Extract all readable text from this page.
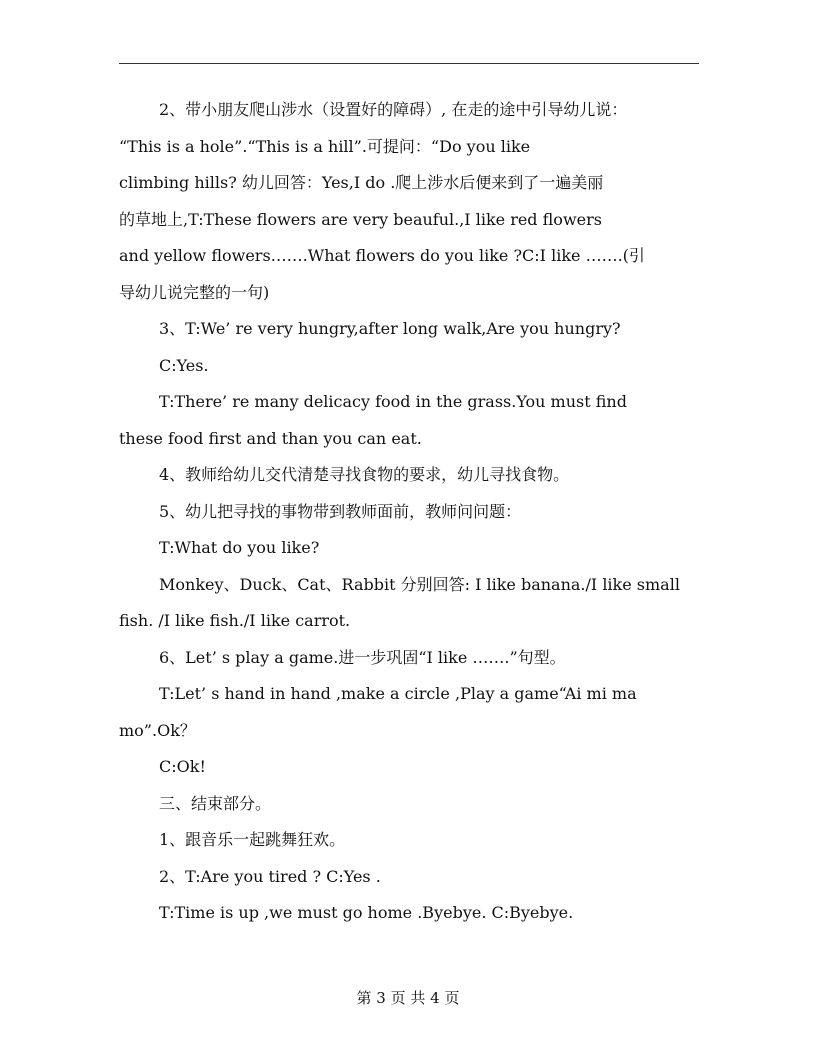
2、带小朋友爬山涉水（设置好的障碍）, 在走的途中引导幼儿说：
“This is a hole”.“This is a hill”.可提问：“Do you like
climbing hills? 幼儿回答：Yes,I do .爬上涉水后便来到了一遍美丽
的草地上,T:These flowers are very beauful.,I like red flowers
and yellow flowers…….What flowers do you like ?C:I like …….(引
导幼儿说完整的一句)
3、T:We’ re very hungry,after long walk,Are you hungry?
C:Yes.
T:There’ re many delicacy food in the grass.You must find
these food first and than you can eat.
4、教师给幼儿交代清楚寻找食物的要求，幼儿寻找食物。
5、幼儿把寻找的事物带到教师面前，教师问问题：
T:What do you like?
Monkey、Duck、Cat、Rabbit 分别回答: I like banana./I like small
fish. /I like fish./I like carrot.
6、Let’ s play a game.进一步巩固“I like …….”句型。
T:Let’ s hand in hand ,make a circle ,Play a game“Ai mi ma
mo”.Ok？
C:Ok!
三、结束部分。
1、跟音乐一起跳舞狂欢。
2、T:Are you tired ? C:Yes .
T:Time is up ,we must go home .Byebye. C:Byebye.
第 3 页 共 4 页
